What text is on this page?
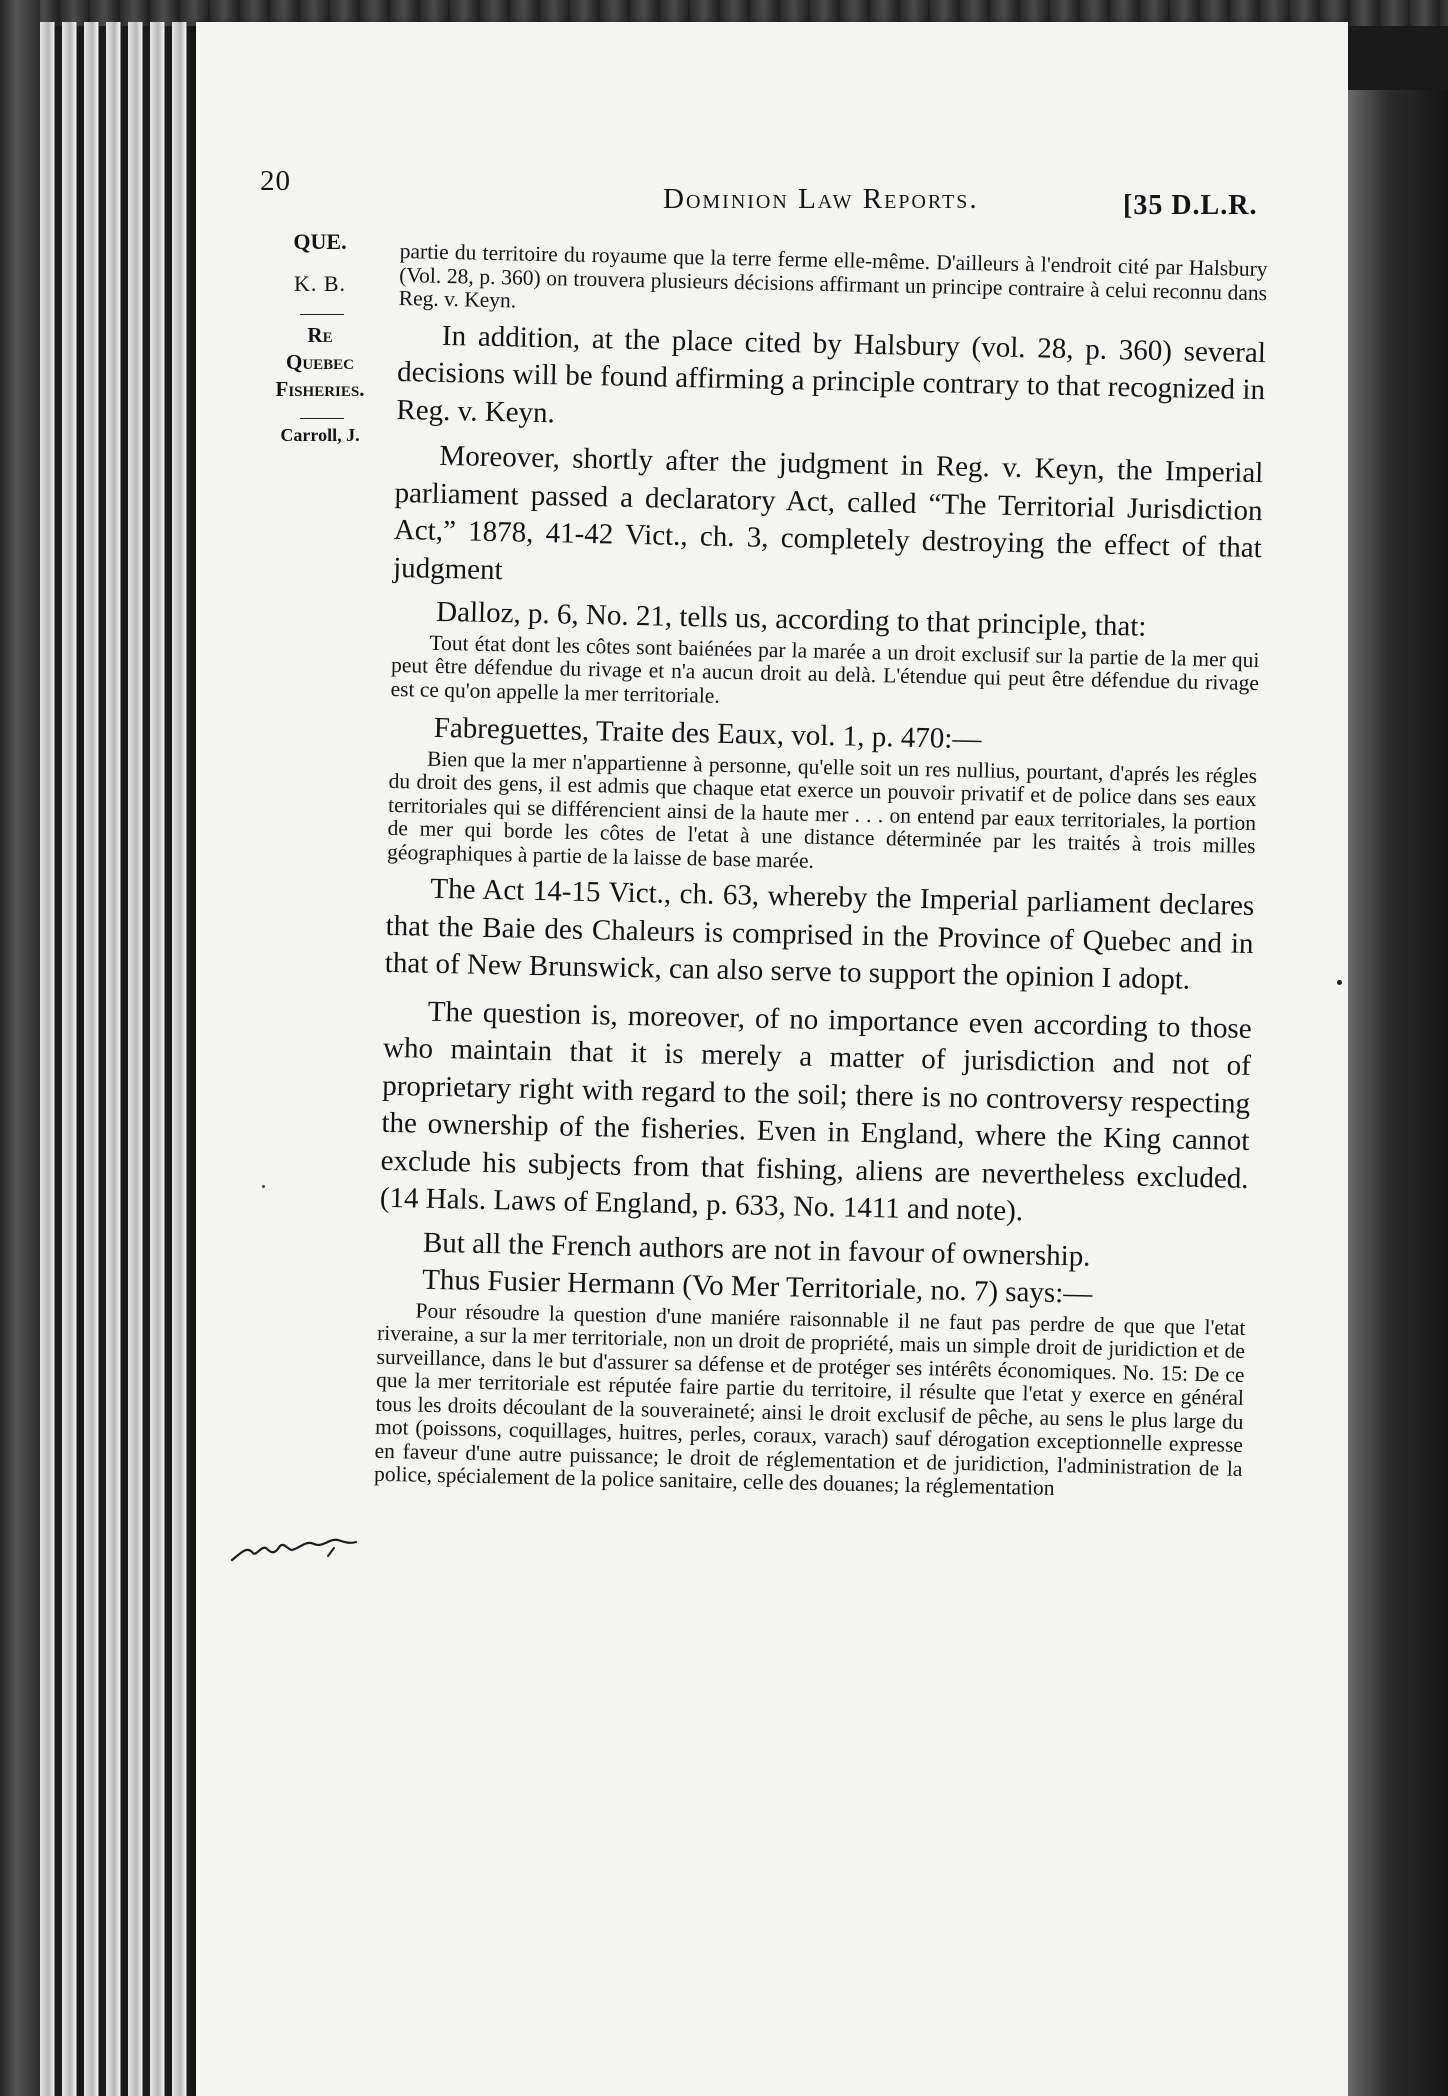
20
Dominion Law Reports.	[35 D.L.R.
QUE.
K. B.
Re
Quebec
Fisheries.
Carroll, J.

partie du territoire du royaume que la terre ferme elle-même. D'ailleurs à l'endroit cité par Halsbury (Vol. 28, p. 360) on trouvera plusieurs décisions affirmant un principe contraire à celui reconnu dans Reg. v. Keyn.

In addition, at the place cited by Halsbury (vol. 28, p. 360) several decisions will be found affirming a principle contrary to that recognized in Reg. v. Keyn.

Moreover, shortly after the judgment in Reg. v. Keyn, the Imperial parliament passed a declaratory Act, called “The Territorial Jurisdiction Act,” 1878, 41-42 Vict., ch. 3, completely destroying the effect of that judgment

Dalloz, p. 6, No. 21, tells us, according to that principle, that:

Tout état dont les côtes sont baiénées par la marée a un droit exclusif sur la partie de la mer qui peut être défendue du rivage et n'a aucun droit au delà. L'étendue qui peut être défendue du rivage est ce qu'on appelle la mer territoriale.

Fabreguettes, Traite des Eaux, vol. 1, p. 470:—

Bien que la mer n'appartienne à personne, qu'elle soit un res nullius, pourtant, d'aprés les régles du droit des gens, il est admis que chaque etat exerce un pouvoir privatif et de police dans ses eaux territoriales qui se différencient ainsi de la haute mer . . . on entend par eaux territoriales, la portion de mer qui borde les côtes de l'etat à une distance déterminée par les traités à trois milles géographiques à partie de la laisse de base marée.

The Act 14-15 Vict., ch. 63, whereby the Imperial parliament declares that the Baie des Chaleurs is comprised in the Province of Quebec and in that of New Brunswick, can also serve to support the opinion I adopt.

The question is, moreover, of no importance even according to those who maintain that it is merely a matter of jurisdiction and not of proprietary right with regard to the soil; there is no controversy respecting the ownership of the fisheries. Even in England, where the King cannot exclude his subjects from that fishing, aliens are nevertheless excluded. (14 Hals. Laws of England, p. 633, No. 1411 and note).

But all the French authors are not in favour of ownership.

Thus Fusier Hermann (Vo Mer Territoriale, no. 7) says:—

Pour résoudre la question d'une maniére raisonnable il ne faut pas perdre de que que l'etat riveraine, a sur la mer territoriale, non un droit de propriété, mais un simple droit de juridiction et de surveillance, dans le but d'assurer sa défense et de protéger ses intérêts économiques. No. 15: De ce que la mer territoriale est réputée faire partie du territoire, il résulte que l'etat y exerce en général tous les droits découlant de la souveraineté; ainsi le droit exclusif de pêche, au sens le plus large du mot (poissons, coquillages, huitres, perles, coraux, varach) sauf dérogation exceptionnelle expresse en faveur d'une autre puissance; le droit de réglementation et de juridiction, l'administration de la police, spécialement de la police sanitaire, celle des douanes; la réglementation
